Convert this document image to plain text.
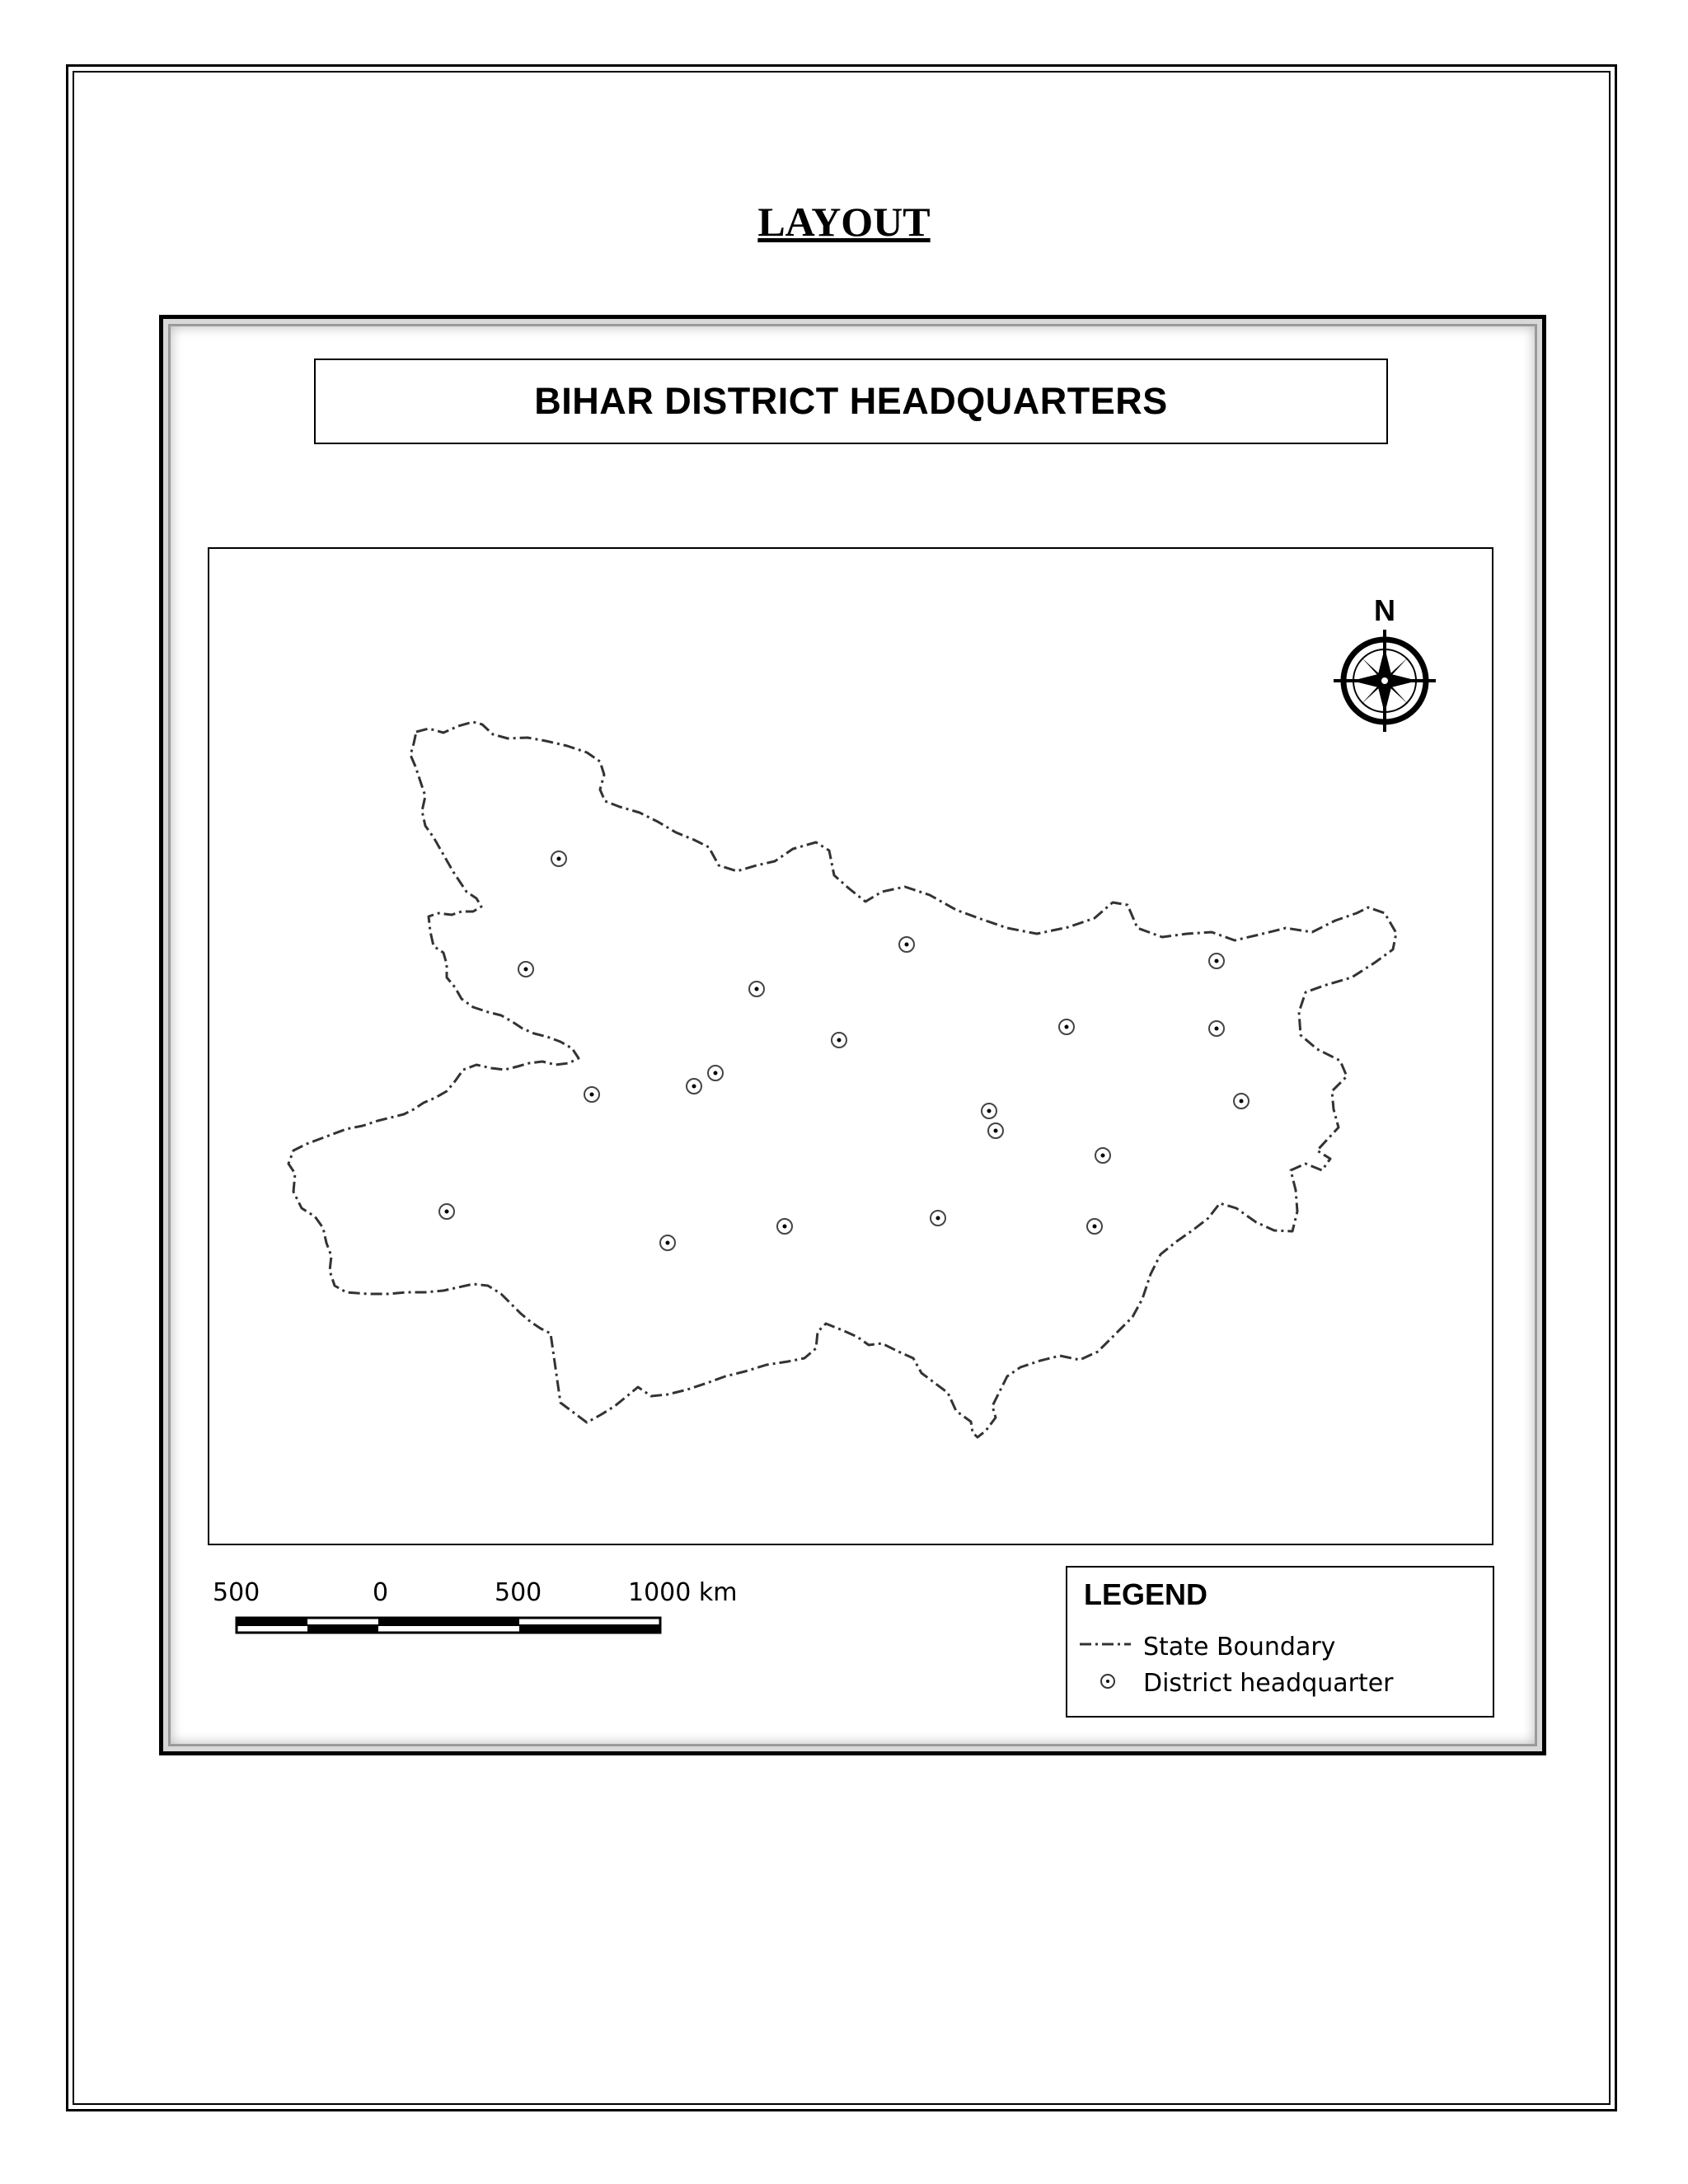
LAYOUT
BIHAR DISTRICT HEADQUARTERS
N
500	0	500	1000 km	LEGEND
State Boundary
District headquarter
